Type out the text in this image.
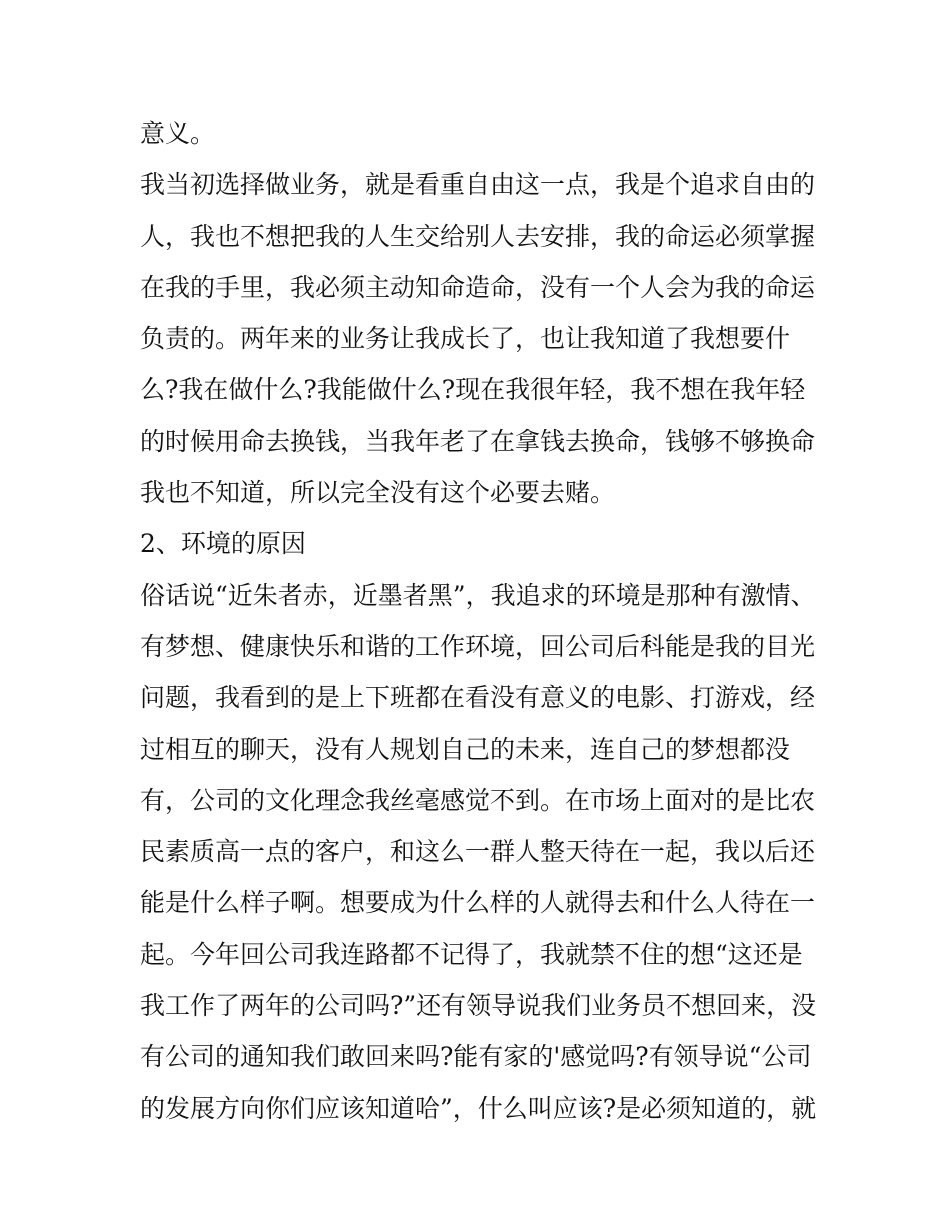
意义。
我当初选择做业务，就是看重自由这一点，我是个追求自由的
人，我也不想把我的人生交给别人去安排，我的命运必须掌握
在我的手里，我必须主动知命造命，没有一个人会为我的命运
负责的。两年来的业务让我成长了，也让我知道了我想要什
么?我在做什么?我能做什么?现在我很年轻，我不想在我年轻
的时候用命去换钱，当我年老了在拿钱去换命，钱够不够换命
我也不知道，所以完全没有这个必要去赌。
2、环境的原因
俗话说“近朱者赤，近墨者黑”，我追求的环境是那种有激情、
有梦想、健康快乐和谐的工作环境，回公司后科能是我的目光
问题，我看到的是上下班都在看没有意义的电影、打游戏，经
过相互的聊天，没有人规划自己的未来，连自己的梦想都没
有，公司的文化理念我丝毫感觉不到。在市场上面对的是比农
民素质高一点的客户，和这么一群人整天待在一起，我以后还
能是什么样子啊。想要成为什么样的人就得去和什么人待在一
起。今年回公司我连路都不记得了，我就禁不住的想“这还是
我工作了两年的公司吗?”还有领导说我们业务员不想回来，没
有公司的通知我们敢回来吗?能有家的'感觉吗?有领导说“公司
的发展方向你们应该知道哈”，什么叫应该?是必须知道的，就
